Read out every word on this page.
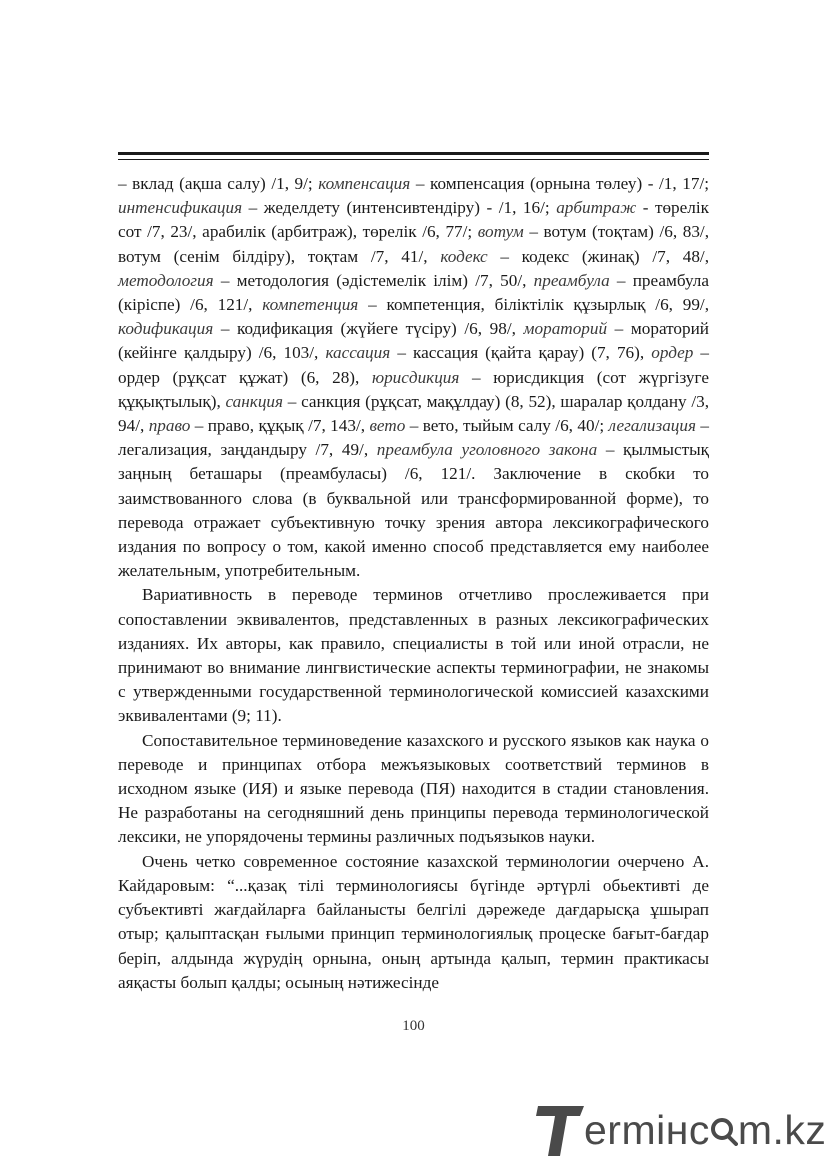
– вклад (ақша салу) /1, 9/; компенсация – компенсация (орнына төлеу) - /1, 17/; интенсификация – жеделдету (интенсивтендіру) - /1, 16/; арбитраж - төрелік сот /7, 23/, арабилік (арбитраж), төрелік /6, 77/; вотум – вотум (тоқтам) /6, 83/, вотум (сенім білдіру), тоқтам /7, 41/, кодекс – кодекс (жинақ) /7, 48/, методология – методология (әдістемелік ілім) /7, 50/, преамбула – преамбула (кіріспе) /6, 121/, компетенция – компетенция, біліктілік құзырлық /6, 99/, кодификация – кодификация (жүйеге түсіру) /6, 98/, мораторий – мораторий (кейінге қалдыру) /6, 103/, кассация – кассация (қайта қарау) (7, 76), ордер – ордер (рұқсат құжат) (6, 28), юрисдикция – юрисдикция (сот жүргізуге құқықтылық), санкция – санкция (рұқсат, мақұлдау) (8, 52), шаралар қолдану /3, 94/, право – право, құқық /7, 143/, вето – вето, тыйым салу /6, 40/; легализация – легализация, заңдандыру /7, 49/, преамбула уголовного закона – қылмыстық заңның беташары (преамбуласы) /6, 121/. Заключение в скобки то заимствованного слова (в буквальной или трансформированной форме), то перевода отражает субъективную точку зрения автора лексикографического издания по вопросу о том, какой именно способ представляется ему наиболее желательным, употребительным.

Вариативность в переводе терминов отчетливо прослеживается при сопоставлении эквивалентов, представленных в разных лексикографических изданиях. Их авторы, как правило, специалисты в той или иной отрасли, не принимают во внимание лингвистические аспекты терминографии, не знакомы с утвержденными государственной терминологической комиссией казахскими эквивалентами (9; 11).

Сопоставительное терминоведение казахского и русского языков как наука о переводе и принципах отбора межъязыковых соответствий терминов в исходном языке (ИЯ) и языке перевода (ПЯ) находится в стадии становления. Не разработаны на сегодняшний день принципы перевода терминологической лексики, не упорядочены термины различных подъязыков науки.

Очень четко современное состояние казахской терминологии очерчено А. Кайдаровым: “...қазақ тілі терминологиясы бүгінде әртүрлі обьективті де субъективті жағдайларға байланысты белгілі дәрежеде дағдарысқа ұшырап отыр; қалыптасқан ғылыми принцип терминологиялық процеске бағыт-бағдар беріп, алдында жүрудің орнына, оның артында қалып, термин практикасы аяқасты болып қалды; осының нәтижесінде

100
ermінc m.kz
